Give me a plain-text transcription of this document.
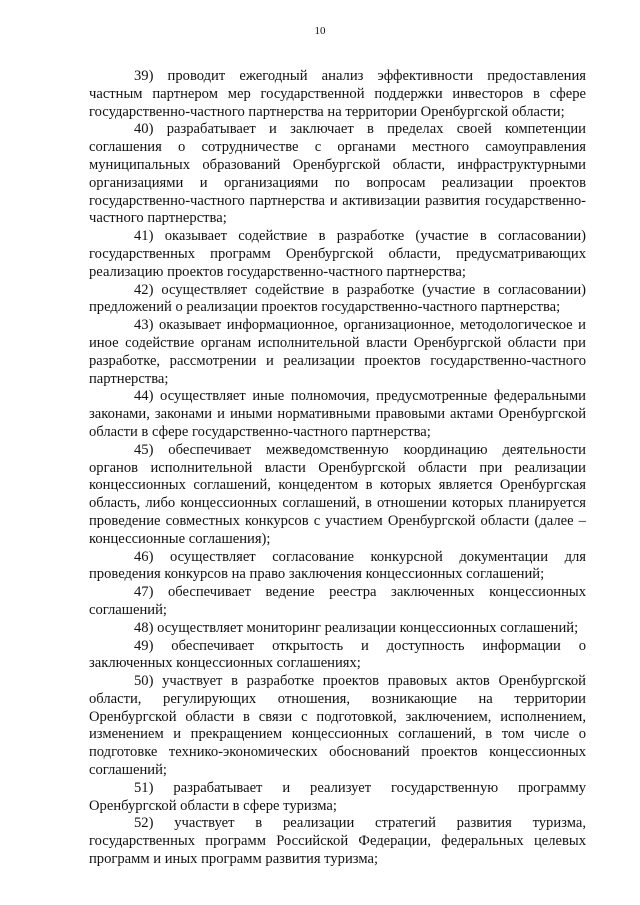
10

39) проводит ежегодный анализ эффективности предоставления частным партнером мер государственной поддержки инвесторов в сфере государственно-частного партнерства на территории Оренбургской области;

40) разрабатывает и заключает в пределах своей компетенции соглашения о сотрудничестве с органами местного самоуправления муниципальных образований Оренбургской области, инфраструктурными организациями и организациями по вопросам реализации проектов государственно-частного партнерства и активизации развития государственно-частного партнерства;

41) оказывает содействие в разработке (участие в согласовании) государственных программ Оренбургской области, предусматривающих реализацию проектов государственно-частного партнерства;

42) осуществляет содействие в разработке (участие в согласовании) предложений о реализации проектов государственно-частного партнерства;

43) оказывает информационное, организационное, методологическое и иное содействие органам исполнительной власти Оренбургской области при разработке, рассмотрении и реализации проектов государственно-частного партнерства;

44) осуществляет иные полномочия, предусмотренные федеральными законами, законами и иными нормативными правовыми актами Оренбургской области в сфере государственно-частного партнерства;

45) обеспечивает межведомственную координацию деятельности органов исполнительной власти Оренбургской области при реализации концессионных соглашений, концедентом в которых является Оренбургская область, либо концессионных соглашений, в отношении которых планируется проведение совместных конкурсов с участием Оренбургской области (далее – концессионные соглашения);

46) осуществляет согласование конкурсной документации для проведения конкурсов на право заключения концессионных соглашений;

47) обеспечивает ведение реестра заключенных концессионных соглашений;

48) осуществляет мониторинг реализации концессионных соглашений;

49) обеспечивает открытость и доступность информации о заключенных концессионных соглашениях;

50) участвует в разработке проектов правовых актов Оренбургской области, регулирующих отношения, возникающие на территории Оренбургской области в связи с подготовкой, заключением, исполнением, изменением и прекращением концессионных соглашений, в том числе о подготовке технико-экономических обоснований проектов концессионных соглашений;

51) разрабатывает и реализует государственную программу Оренбургской области в сфере туризма;

52) участвует в реализации стратегий развития туризма, государственных программ Российской Федерации, федеральных целевых программ и иных программ развития туризма;
